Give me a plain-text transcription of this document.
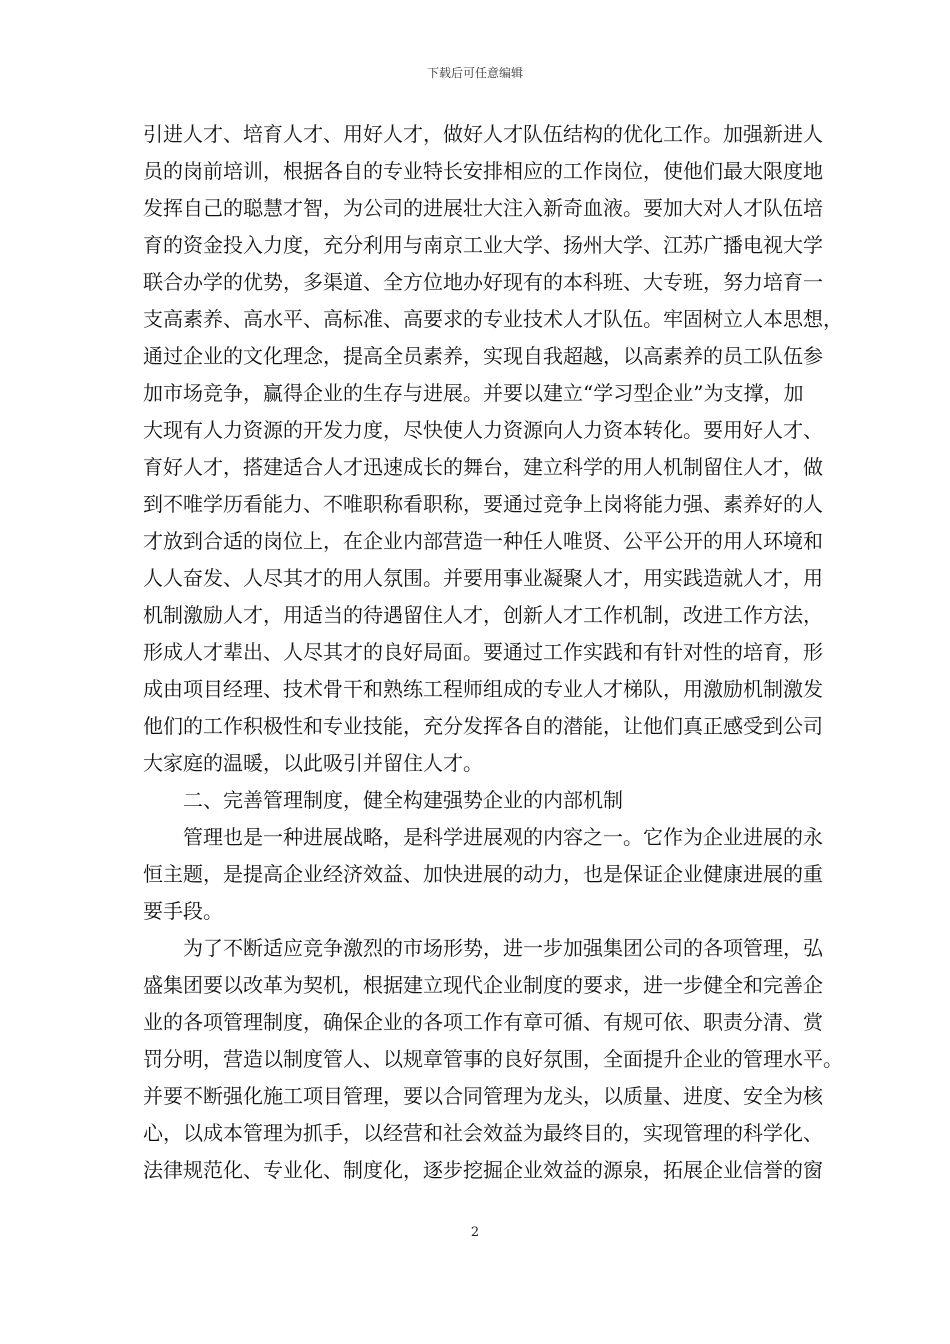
下载后可任意编辑
引进人才、培育人才、用好人才，做好人才队伍结构的优化工作。加强新进人
员的岗前培训，根据各自的专业特长安排相应的工作岗位，使他们最大限度地
发挥自己的聪慧才智，为公司的进展壮大注入新奇血液。要加大对人才队伍培
育的资金投入力度，充分利用与南京工业大学、扬州大学、江苏广播电视大学
联合办学的优势，多渠道、全方位地办好现有的本科班、大专班，努力培育一
支高素养、高水平、高标准、高要求的专业技术人才队伍。牢固树立人本思想，
通过企业的文化理念，提高全员素养，实现自我超越，以高素养的员工队伍参
加市场竞争，赢得企业的生存与进展。并要以建立“学习型企业”为支撑，加
大现有人力资源的开发力度，尽快使人力资源向人力资本转化。要用好人才、
育好人才，搭建适合人才迅速成长的舞台，建立科学的用人机制留住人才，做
到不唯学历看能力、不唯职称看职称，要通过竞争上岗将能力强、素养好的人
才放到合适的岗位上，在企业内部营造一种任人唯贤、公平公开的用人环境和
人人奋发、人尽其才的用人氛围。并要用事业凝聚人才，用实践造就人才，用
机制激励人才，用适当的待遇留住人才，创新人才工作机制，改进工作方法，
形成人才辈出、人尽其才的良好局面。要通过工作实践和有针对性的培育，形
成由项目经理、技术骨干和熟练工程师组成的专业人才梯队，用激励机制激发
他们的工作积极性和专业技能，充分发挥各自的潜能，让他们真正感受到公司
大家庭的温暖，以此吸引并留住人才。
二、完善管理制度，健全构建强势企业的内部机制
管理也是一种进展战略，是科学进展观的内容之一。它作为企业进展的永
恒主题，是提高企业经济效益、加快进展的动力，也是保证企业健康进展的重
要手段。
为了不断适应竞争激烈的市场形势，进一步加强集团公司的各项管理，弘
盛集团要以改革为契机，根据建立现代企业制度的要求，进一步健全和完善企
业的各项管理制度，确保企业的各项工作有章可循、有规可依、职责分清、赏
罚分明，营造以制度管人、以规章管事的良好氛围，全面提升企业的管理水平。
并要不断强化施工项目管理，要以合同管理为龙头，以质量、进度、安全为核
心，以成本管理为抓手，以经营和社会效益为最终目的，实现管理的科学化、
法律规范化、专业化、制度化，逐步挖掘企业效益的源泉，拓展企业信誉的窗
2
